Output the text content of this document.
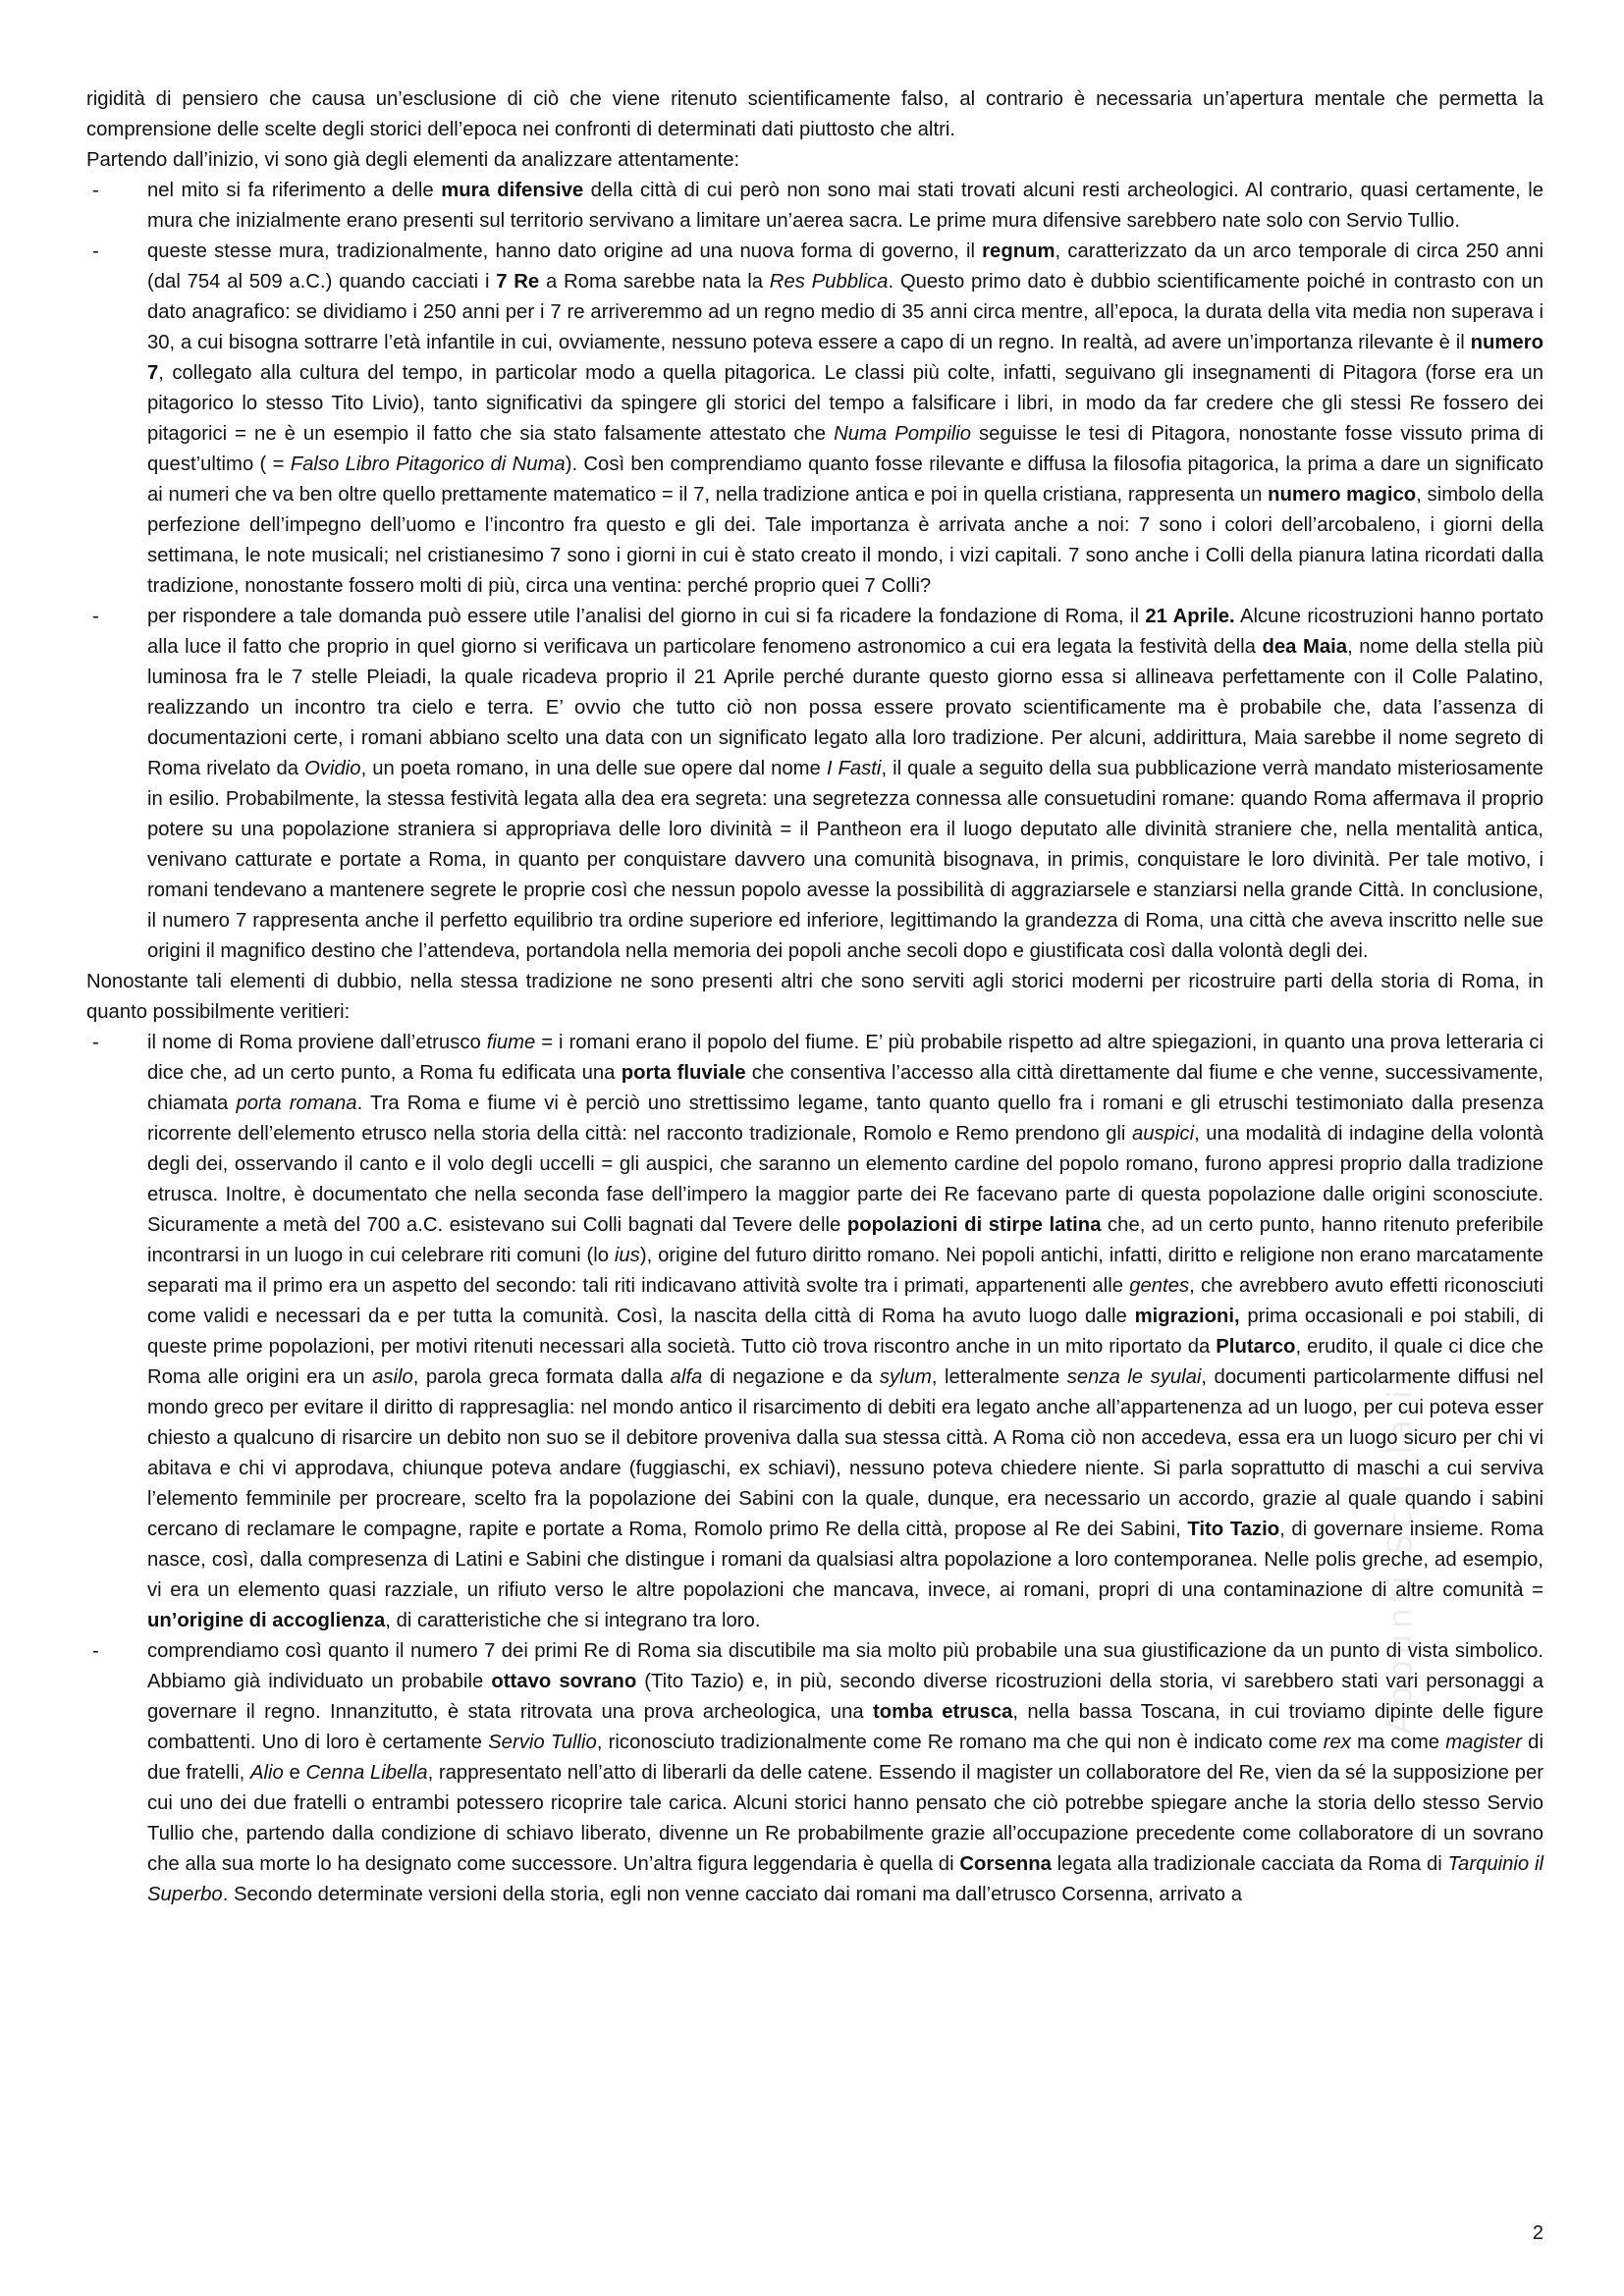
rigidità di pensiero che causa un’esclusione di ciò che viene ritenuto scientificamente falso, al contrario è necessaria un’apertura mentale che permetta la comprensione delle scelte degli storici dell’epoca nei confronti di determinati dati piuttosto che altri.

Partendo dall’inizio, vi sono già degli elementi da analizzare attentamente:

- nel mito si fa riferimento a delle mura difensive della città di cui però non sono mai stati trovati alcuni resti archeologici. Al contrario, quasi certamente, le mura che inizialmente erano presenti sul territorio servivano a limitare un’aerea sacra. Le prime mura difensive sarebbero nate solo con Servio Tullio.
- queste stesse mura, tradizionalmente, hanno dato origine ad una nuova forma di governo, il regnum, caratterizzato da un arco temporale di circa 250 anni (dal 754 al 509 a.C.) quando cacciati i 7 Re a Roma sarebbe nata la Res Pubblica. Questo primo dato è dubbio scientificamente poiché in contrasto con un dato anagrafico: se dividiamo i 250 anni per i 7 re arriveremmo ad un regno medio di 35 anni circa mentre, all’epoca, la durata della vita media non superava i 30, a cui bisogna sottrarre l’età infantile in cui, ovviamente, nessuno poteva essere a capo di un regno. In realtà, ad avere un’importanza rilevante è il numero 7, collegato alla cultura del tempo, in particolar modo a quella pitagorica. Le classi più colte, infatti, seguivano gli insegnamenti di Pitagora (forse era un pitagorico lo stesso Tito Livio), tanto significativi da spingere gli storici del tempo a falsificare i libri, in modo da far credere che gli stessi Re fossero dei pitagorici = ne è un esempio il fatto che sia stato falsamente attestato che Numa Pompilio seguisse le tesi di Pitagora, nonostante fosse vissuto prima di quest’ultimo ( = Falso Libro Pitagorico di Numa). Così ben comprendiamo quanto fosse rilevante e diffusa la filosofia pitagorica, la prima a dare un significato ai numeri che va ben oltre quello prettamente matematico = il 7, nella tradizione antica e poi in quella cristiana, rappresenta un numero magico, simbolo della perfezione dell’impegno dell’uomo e l’incontro fra questo e gli dei. Tale importanza è arrivata anche a noi: 7 sono i colori dell’arcobaleno, i giorni della settimana, le note musicali; nel cristianesimo 7 sono i giorni in cui è stato creato il mondo, i vizi capitali. 7 sono anche i Colli della pianura latina ricordati dalla tradizione, nonostante fossero molti di più, circa una ventina: perché proprio quei 7 Colli?
- per rispondere a tale domanda può essere utile l’analisi del giorno in cui si fa ricadere la fondazione di Roma, il 21 Aprile. Alcune ricostruzioni hanno portato alla luce il fatto che proprio in quel giorno si verificava un particolare fenomeno astronomico a cui era legata la festività della dea Maia, nome della stella più luminosa fra le 7 stelle Pleiadi, la quale ricadeva proprio il 21 Aprile perché durante questo giorno essa si allineava perfettamente con il Colle Palatino, realizzando un incontro tra cielo e terra. E’ ovvio che tutto ciò non possa essere provato scientificamente ma è probabile che, data l’assenza di documentazioni certe, i romani abbiano scelto una data con un significato legato alla loro tradizione. Per alcuni, addirittura, Maia sarebbe il nome segreto di Roma rivelato da Ovidio, un poeta romano, in una delle sue opere dal nome I Fasti, il quale a seguito della sua pubblicazione verrà mandato misteriosamente in esilio. Probabilmente, la stessa festività legata alla dea era segreta: una segretezza connessa alle consuetudini romane: quando Roma affermava il proprio potere su una popolazione straniera si appropriava delle loro divinità = il Pantheon era il luogo deputato alle divinità straniere che, nella mentalità antica, venivano catturate e portate a Roma, in quanto per conquistare davvero una comunità bisognava, in primis, conquistare le loro divinità. Per tale motivo, i romani tendevano a mantenere segrete le proprie così che nessun popolo avesse la possibilità di aggraziarsele e stanziarsi nella grande Città. In conclusione, il numero 7 rappresenta anche il perfetto equilibrio tra ordine superiore ed inferiore, legittimando la grandezza di Roma, una città che aveva inscritto nelle sue origini il magnifico destino che l’attendeva, portandola nella memoria dei popoli anche secoli dopo e giustificata così dalla volontà degli dei.

Nonostante tali elementi di dubbio, nella stessa tradizione ne sono presenti altri che sono serviti agli storici moderni per ricostruire parti della storia di Roma, in quanto possibilmente veritieri:

- il nome di Roma proviene dall’etrusco fiume = i romani erano il popolo del fiume. E’ più probabile rispetto ad altre spiegazioni, in quanto una prova letteraria ci dice che, ad un certo punto, a Roma fu edificata una porta fluviale che consentiva l’accesso alla città direttamente dal fiume e che venne, successivamente, chiamata porta romana. Tra Roma e fiume vi è perciò uno strettissimo legame, tanto quanto quello fra i romani e gli etruschi testimoniato dalla presenza ricorrente dell’elemento etrusco nella storia della città: nel racconto tradizionale, Romolo e Remo prendono gli auspici, una modalità di indagine della volontà degli dei, osservando il canto e il volo degli uccelli = gli auspici, che saranno un elemento cardine del popolo romano, furono appresi proprio dalla tradizione etrusca. Inoltre, è documentato che nella seconda fase dell’impero la maggior parte dei Re facevano parte di questa popolazione dalle origini sconosciute. Sicuramente a metà del 700 a.C. esistevano sui Colli bagnati dal Tevere delle popolazioni di stirpe latina che, ad un certo punto, hanno ritenuto preferibile incontrarsi in un luogo in cui celebrare riti comuni (lo ius), origine del futuro diritto romano. Nei popoli antichi, infatti, diritto e religione non erano marcatamente separati ma il primo era un aspetto del secondo: tali riti indicavano attività svolte tra i primati, appartenenti alle gentes, che avrebbero avuto effetti riconosciuti come validi e necessari da e per tutta la comunità. Così, la nascita della città di Roma ha avuto luogo dalle migrazioni, prima occasionali e poi stabili, di queste prime popolazioni, per motivi ritenuti necessari alla società. Tutto ciò trova riscontro anche in un mito riportato da Plutarco, erudito, il quale ci dice che Roma alle origini era un asilo, parola greca formata dalla alfa di negazione e da sylum, letteralmente senza le syulai, documenti particolarmente diffusi nel mondo greco per evitare il diritto di rappresaglia: nel mondo antico il risarcimento di debiti era legato anche all’appartenenza ad un luogo, per cui poteva esser chiesto a qualcuno di risarcire un debito non suo se il debitore proveniva dalla sua stessa città. A Roma ciò non accedeva, essa era un luogo sicuro per chi vi abitava e chi vi approdava, chiunque poteva andare (fuggiaschi, ex schiavi), nessuno poteva chiedere niente. Si parla soprattutto di maschi a cui serviva l’elemento femminile per procreare, scelto fra la popolazione dei Sabini con la quale, dunque, era necessario un accordo, grazie al quale quando i sabini cercano di reclamare le compagne, rapite e portate a Roma, Romolo primo Re della città, propose al Re dei Sabini, Tito Tazio, di governare insieme. Roma nasce, così, dalla compresenza di Latini e Sabini che distingue i romani da qualsiasi altra popolazione a loro contemporanea. Nelle polis greche, ad esempio, vi era un elemento quasi razziale, un rifiuto verso le altre popolazioni che mancava, invece, ai romani, propri di una contaminazione di altre comunità = un’origine di accoglienza, di caratteristiche che si integrano tra loro.
- comprendiamo così quanto il numero 7 dei primi Re di Roma sia discutibile ma sia molto più probabile una sua giustificazione da un punto di vista simbolico. Abbiamo già individuato un probabile ottavo sovrano (Tito Tazio) e, in più, secondo diverse ricostruzioni della storia, vi sarebbero stati vari personaggi a governare il regno. Innanzitutto, è stata ritrovata una prova archeologica, una tomba etrusca, nella bassa Toscana, in cui troviamo dipinte delle figure combattenti. Uno di loro è certamente Servio Tullio, riconosciuto tradizionalmente come Re romano ma che qui non è indicato come rex ma come magister di due fratelli, Alio e Cenna Libella, rappresentato nell’atto di liberarli da delle catene. Essendo il magister un collaboratore del Re, vien da sé la supposizione per cui uno dei due fratelli o entrambi potessero ricoprire tale carica. Alcuni storici hanno pensato che ciò potrebbe spiegare anche la storia dello stesso Servio Tullio che, partendo dalla condizione di schiavo liberato, divenne un Re probabilmente grazie all’occupazione precedente come collaboratore di un sovrano che alla sua morte lo ha designato come successore. Un’altra figura leggendaria è quella di Corsenna legata alla tradizionale cacciata da Roma di Tarquinio il Superbo. Secondo determinate versioni della storia, egli non venne cacciato dai romani ma dall’etrusco Corsenna, arrivato a
Appunti.Scuola.it
2
